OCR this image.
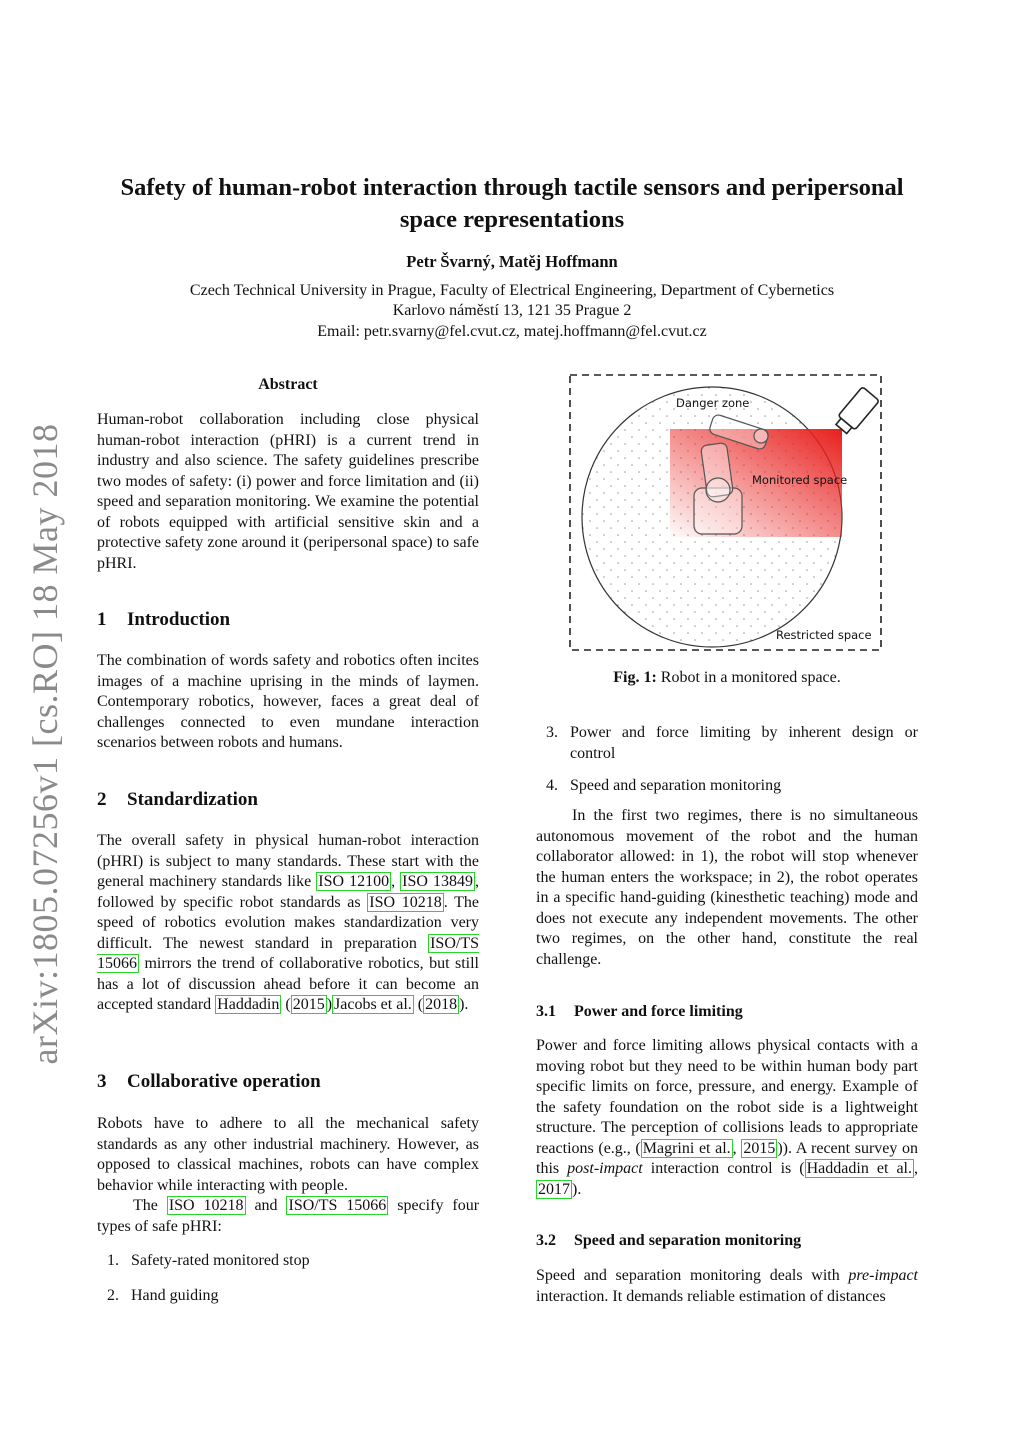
arXiv:1805.07256v1 [cs.RO] 18 May 2018
Safety of human-robot interaction through tactile sensors and peripersonal space representations
Petr Švarný, Matěj Hoffmann
Czech Technical University in Prague, Faculty of Electrical Engineering, Department of Cybernetics
Karlovo náměstí 13, 121 35 Prague 2
Email: petr.svarny@fel.cvut.cz, matej.hoffmann@fel.cvut.cz
Abstract
Human-robot collaboration including close physical human-robot interaction (pHRI) is a current trend in industry and also science. The safety guidelines prescribe two modes of safety: (i) power and force limitation and (ii) speed and separation monitoring. We examine the potential of robots equipped with artificial sensitive skin and a protective safety zone around it (peripersonal space) to safe pHRI.
1 Introduction
The combination of words safety and robotics often incites images of a machine uprising in the minds of laymen. Contemporary robotics, however, faces a great deal of challenges connected to even mundane interaction scenarios between robots and humans.
2 Standardization
The overall safety in physical human-robot interaction (pHRI) is subject to many standards. These start with the general machinery standards like ISO 12100 , ISO 13849 , followed by specific robot standards as ISO 10218 . The speed of robotics evolution makes standardization very difficult. The newest standard in preparation ISO/TS 15066 mirrors the trend of collaborative robotics, but still has a lot of discussion ahead before it can become an accepted standard Haddadin ( 2015 ) Jacobs et al. ( 2018 ).
3 Collaborative operation
Robots have to adhere to all the mechanical safety standards as any other industrial machinery. However, as opposed to classical machines, robots can have complex behavior while interacting with people.
The ISO 10218 and ISO/TS 15066 specify four types of safe pHRI:
1. Safety-rated monitored stop
2. Hand guiding
Danger zone
Monitored space
Restricted space
Fig. 1: Robot in a monitored space.
3. Power and force limiting by inherent design or control
4. Speed and separation monitoring
In the first two regimes, there is no simultaneous autonomous movement of the robot and the human collaborator allowed: in 1), the robot will stop whenever the human enters the workspace; in 2), the robot operates in a specific hand-guiding (kinesthetic teaching) mode and does not execute any independent movements. The other two regimes, on the other hand, constitute the real challenge.
3.1 Power and force limiting
Power and force limiting allows physical contacts with a moving robot but they need to be within human body part specific limits on force, pressure, and energy. Example of the safety foundation on the robot side is a lightweight structure. The perception of collisions leads to appropriate reactions (e.g., ( Magrini et al. , 2015 )). A recent survey on this post-impact interaction control is ( Haddadin et al. , 2017 ).
3.2 Speed and separation monitoring
Speed and separation monitoring deals with pre-impact interaction. It demands reliable estimation of distances
